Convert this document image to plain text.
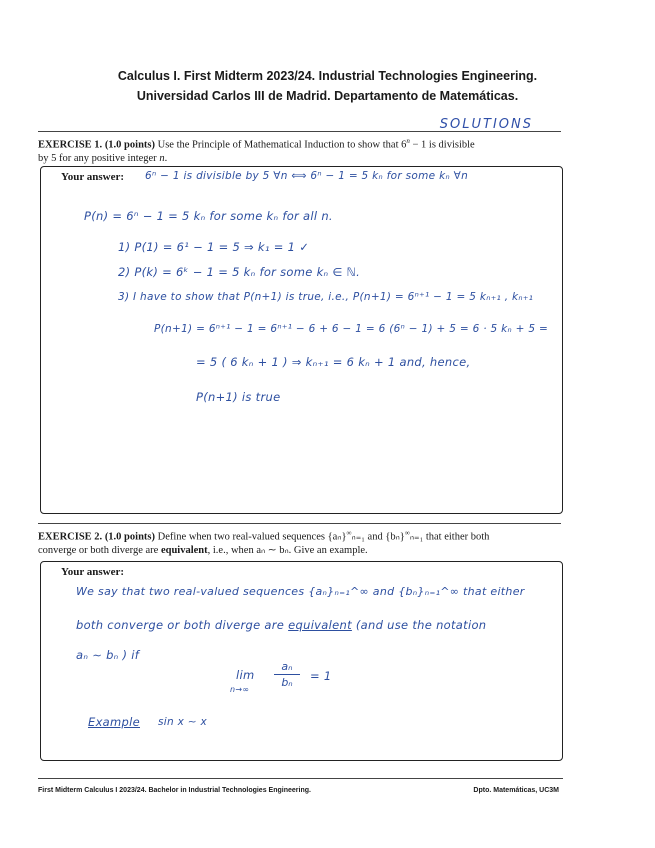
Calculus I. First Midterm 2023/24. Industrial Technologies Engineering.
Universidad Carlos III de Madrid. Departamento de Matemáticas.
SOLUTIONS
EXERCISE 1. (1.0 points) Use the Principle of Mathematical Induction to show that $6^n - 1$ is divisible
by 5 for any positive integer n.
Your answer: 6ⁿ − 1 is divisible by 5 ∀n ⟺ 6ⁿ − 1 = 5 kₙ for some kₙ ∀n
P(n) = 6ⁿ − 1 = 5 kₙ for some kₙ for all n.
1) P(1) = 6¹ − 1 = 5 ⇒ k₁ = 1 ✓
2) P(k) = 6ᵏ − 1 = 5 kₙ for some kₙ ∈ ℕ.
3) I have to show that P(n+1) is true, i.e., P(n+1) = 6ⁿ⁺¹ − 1 = 5 kₙ₊₁ , kₙ₊₁
P(n+1) = 6ⁿ⁺¹ − 1 = 6ⁿ⁺¹ − 6 + 6 − 1 = 6 (6ⁿ − 1) + 5 = 6 · 5 kₙ + 5 =
= 5 ( 6 kₙ + 1 ) ⇒ kₙ₊₁ = 6 kₙ + 1 and, hence,
P(n+1) is true
EXERCISE 2. (1.0 points) Define when two real-valued sequences {aₙ}∞ₙ₌₁ and {bₙ}∞ₙ₌₁ that either both
converge or both diverge are equivalent, i.e., when aₙ ∼ bₙ. Give an example.
Your answer:
We say that two real-valued sequences {aₙ}ₙ₌₁^∞ and {bₙ}ₙ₌₁^∞ that either
both converge or both diverge are equivalent (and use the notation
aₙ ∼ bₙ ) if
lim
n→∞
aₙ
bₙ = 1
Example sin x ∼ x
First Midterm Calculus I 2023/24. Bachelor in Industrial Technologies Engineering.	Dpto. Matemáticas, UC3M
